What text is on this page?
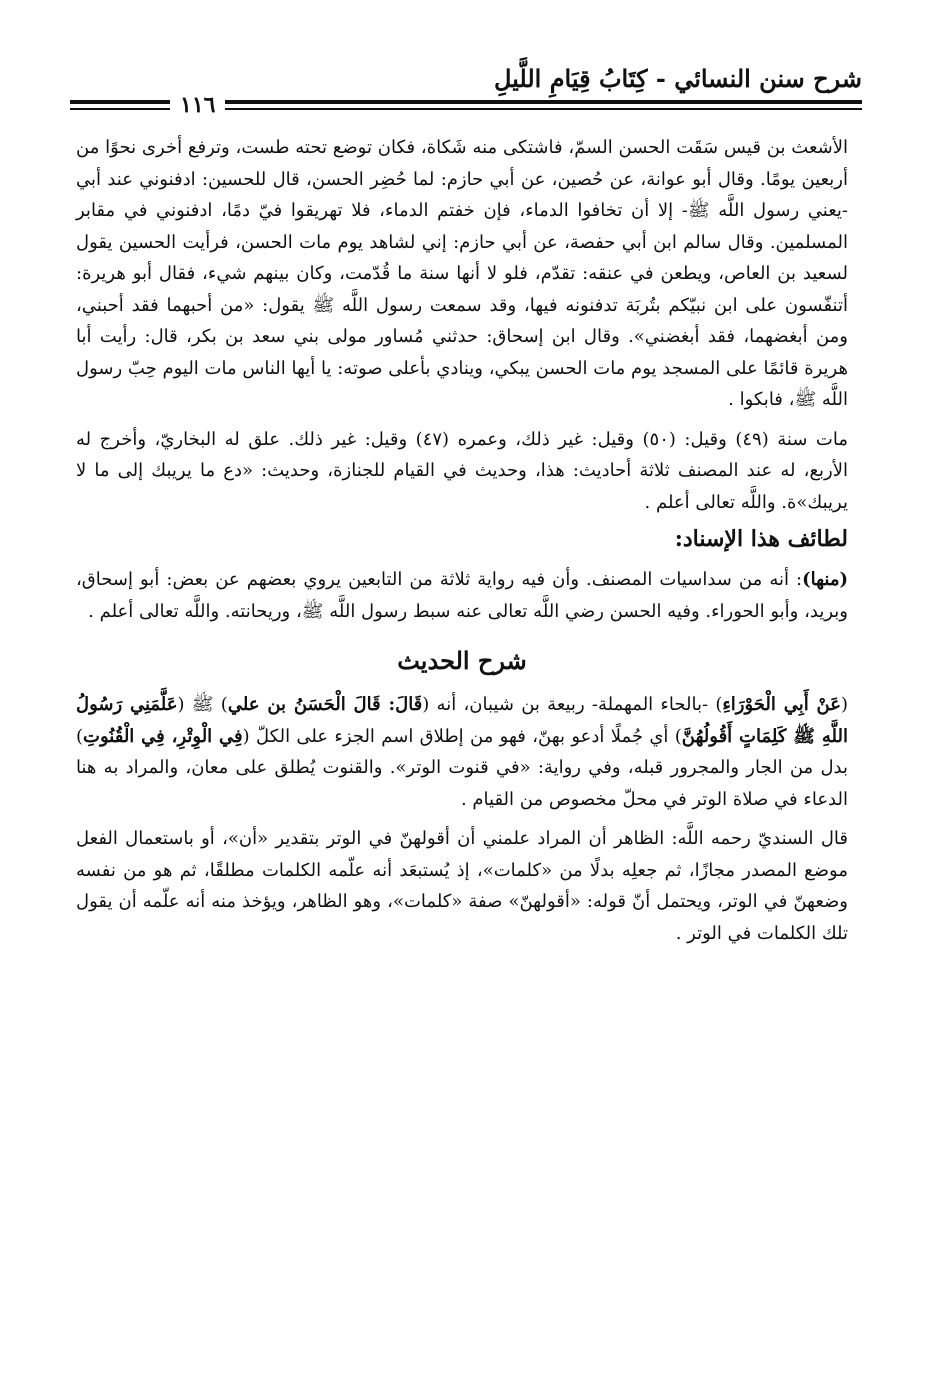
شرح سنن النسائي - كِتَابُ قِيَامِ اللَّيلِ
١١٦

الأشعث بن قيس سَقَت الحسن السمّ، فاشتكى منه شَكاة، فكان توضع تحته طست، وترفع أخرى نحوًا من أربعين يومًا. وقال أبو عوانة، عن حُصين، عن أبي حازم: لما حُضِر الحسن، قال للحسين: ادفنوني عند أبي -يعني رسول اللَّه ﷺ- إلا أن تخافوا الدماء، فإن خفتم الدماء، فلا تهريقوا فيّ دمًا، ادفنوني في مقابر المسلمين. وقال سالم ابن أبي حفصة، عن أبي حازم: إني لشاهد يوم مات الحسن، فرأيت الحسين يقول لسعيد بن العاص، ويطعن في عنقه: تقدّم، فلو لا أنها سنة ما قُدّمت، وكان بينهم شيء، فقال أبو هريرة: أتنفّسون على ابن نبيّكم بتُربَة تدفنونه فيها، وقد سمعت رسول اللَّه ﷺ يقول: «من أحبهما فقد أحبني، ومن أبغضهما، فقد أبغضني». وقال ابن إسحاق: حدثني مُساور مولى بني سعد بن بكر، قال: رأيت أبا هريرة قائمًا على المسجد يوم مات الحسن يبكي، وينادي بأعلى صوته: يا أيها الناس مات اليوم حِبّ رسول اللَّه ﷺ، فابكوا .

مات سنة (٤٩) وقيل: (٥٠) وقيل: غير ذلك، وعمره (٤٧) وقيل: غير ذلك. علق له البخاريّ، وأخرج له الأربع، له عند المصنف ثلاثة أحاديث: هذا، وحديث في القيام للجنازة، وحديث: «دع ما يريبك إلى ما لا يريبك»ة. واللَّه تعالى أعلم .

لطائف هذا الإسناد:

(منها): أنه من سداسيات المصنف. وأن فيه رواية ثلاثة من التابعين يروي بعضهم عن بعض: أبو إسحاق، وبريد، وأبو الحوراء. وفيه الحسن رضي اللَّه تعالى عنه سبط رسول اللَّه ﷺ، وريحانته. واللَّه تعالى أعلم .

شرح الحديث

(عَنْ أَبِي الْحَوْرَاءِ) -بالحاء المهملة- ربيعة بن شيبان، أنه (قَالَ: قَالَ الْحَسَنُ بن علي) ﷺ (عَلَّمَنِي رَسُولُ اللَّهِ ﷺ كَلِمَاتٍ أَقُولُهُنَّ) أي جُملًا أدعو بهنّ، فهو من إطلاق اسم الجزء على الكلّ (فِي الْوِتْرِ، فِي الْقُنُوتِ) بدل من الجار والمجرور قبله، وفي رواية: «في قنوت الوتر». والقنوت يُطلق على معان، والمراد به هنا الدعاء في صلاة الوتر في محلّ مخصوص من القيام .

قال السنديّ رحمه اللَّه: الظاهر أن المراد علمني أن أقولهنّ في الوتر بتقدير «أن»، أو باستعمال الفعل موضع المصدر مجازًا، ثم جعلِه بدلًا من «كلمات»، إذ يُستبعَد أنه علّمه الكلمات مطلقًا، ثم هو من نفسه وضعهنّ في الوتر، ويحتمل أنّ قوله: «أقولهنّ» صفة «كلمات»، وهو الظاهر، ويؤخذ منه أنه علّمه أن يقول تلك الكلمات في الوتر .
